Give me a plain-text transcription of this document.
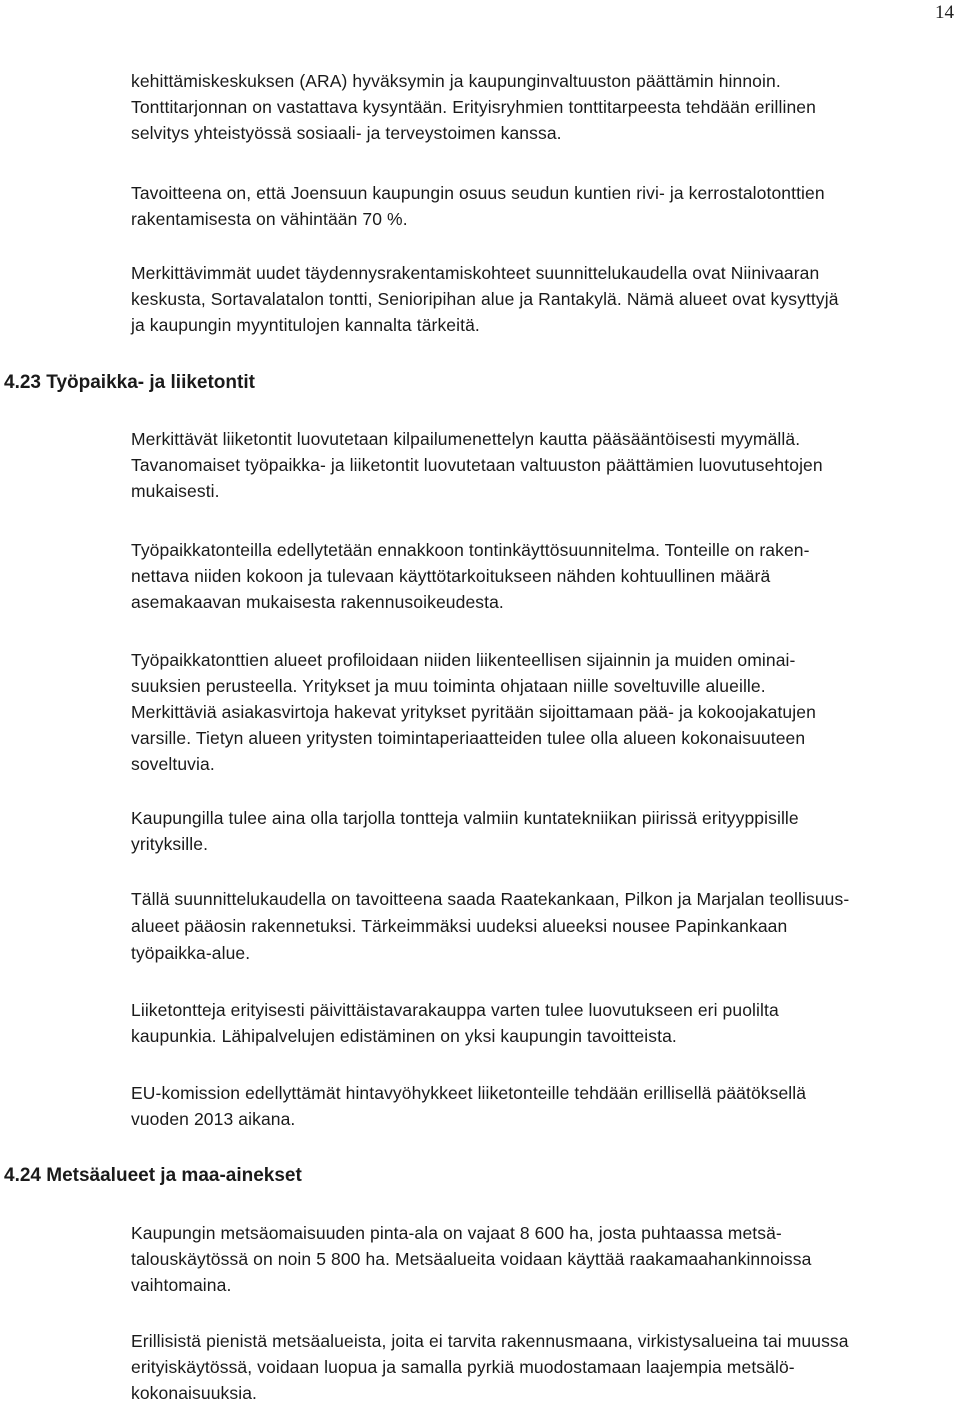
14
kehittämiskeskuksen (ARA) hyväksymin ja kaupunginvaltuuston päättämin hinnoin.
Tonttitarjonnan on vastattava kysyntään. Erityisryhmien tonttitarpeesta tehdään erillinen
selvitys yhteistyössä sosiaali- ja terveystoimen kanssa.
Tavoitteena on, että Joensuun kaupungin osuus seudun kuntien rivi- ja kerrostalotonttien
rakentamisesta on vähintään 70 %.
Merkittävimmät uudet täydennysrakentamiskohteet suunnittelukaudella ovat Niinivaaran
keskusta, Sortavalatalon tontti, Senioripihan alue ja Rantakylä. Nämä alueet ovat kysyttyjä
ja kaupungin myyntitulojen kannalta tärkeitä.
4.23 Työpaikka- ja liiketontit
Merkittävät liiketontit luovutetaan kilpailumenettelyn kautta pääsääntöisesti myymällä.
Tavanomaiset työpaikka- ja liiketontit luovutetaan valtuuston päättämien luovutusehtojen
mukaisesti.
Työpaikkatonteilla edellytetään ennakkoon tontinkäyttösuunnitelma. Tonteille on raken-
nettava niiden kokoon ja tulevaan käyttötarkoitukseen nähden kohtuullinen määrä
asemakaavan mukaisesta rakennusoikeudesta.
Työpaikkatonttien alueet profiloidaan niiden liikenteellisen sijainnin ja muiden ominai-
suuksien perusteella. Yritykset ja muu toiminta ohjataan niille soveltuville alueille.
Merkittäviä asiakasvirtoja hakevat yritykset pyritään sijoittamaan pää- ja kokoojakatujen
varsille. Tietyn alueen yritysten toimintaperiaatteiden tulee olla alueen kokonaisuuteen
soveltuvia.
Kaupungilla tulee aina olla tarjolla tontteja valmiin kuntatekniikan piirissä erityyppisille
yrityksille.
Tällä suunnittelukaudella on tavoitteena saada Raatekankaan, Pilkon ja Marjalan teollisuus-
alueet pääosin rakennetuksi. Tärkeimmäksi uudeksi alueeksi nousee Papinkankaan
työpaikka-alue.
Liiketontteja erityisesti päivittäistavarakauppa varten tulee luovutukseen eri puolilta
kaupunkia. Lähipalvelujen edistäminen on yksi kaupungin tavoitteista.
EU-komission edellyttämät hintavyöhykkeet liiketonteille tehdään erillisellä päätöksellä
vuoden 2013 aikana.
4.24 Metsäalueet ja maa-ainekset
Kaupungin metsäomaisuuden pinta-ala on vajaat 8 600 ha, josta puhtaassa metsä-
talouskäytössä on noin 5 800 ha. Metsäalueita voidaan käyttää raakamaahankinnoissa
vaihtomaina.
Erillisistä pienistä metsäalueista, joita ei tarvita rakennusmaana, virkistysalueina tai muussa
erityiskäytössä, voidaan luopua ja samalla pyrkiä muodostamaan laajempia metsälö-
kokonaisuuksia.
